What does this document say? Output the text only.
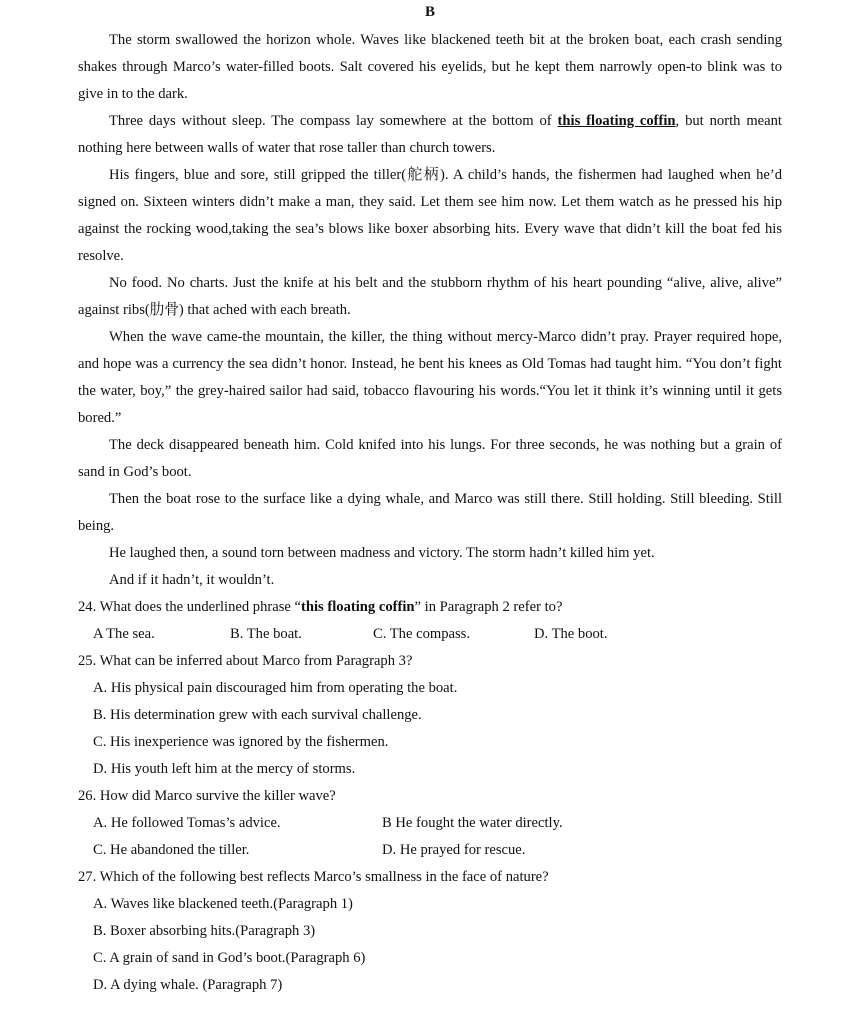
B

The storm swallowed the horizon whole. Waves like blackened teeth bit at the broken boat, each crash sending shakes through Marco’s water-filled boots. Salt covered his eyelids, but he kept them narrowly open-to blink was to give in to the dark.

Three days without sleep. The compass lay somewhere at the bottom of this floating coffin, but north meant nothing here between walls of water that rose taller than church towers.

His fingers, blue and sore, still gripped the tiller(舵柄). A child’s hands, the fishermen had laughed when he’d signed on. Sixteen winters didn’t make a man, they said. Let them see him now. Let them watch as he pressed his hip against the rocking wood,taking the sea’s blows like boxer absorbing hits. Every wave that didn’t kill the boat fed his resolve.

No food. No charts. Just the knife at his belt and the stubborn rhythm of his heart pounding “alive, alive, alive” against ribs(肋骨) that ached with each breath.

When the wave came-the mountain, the killer, the thing without mercy-Marco didn’t pray. Prayer required hope, and hope was a currency the sea didn’t honor. Instead, he bent his knees as Old Tomas had taught him. “You don’t fight the water, boy,” the grey-haired sailor had said, tobacco flavouring his words.“You let it think it’s winning until it gets bored.”

The deck disappeared beneath him. Cold knifed into his lungs. For three seconds, he was nothing but a grain of sand in God’s boot.

Then the boat rose to the surface like a dying whale, and Marco was still there. Still holding. Still bleeding. Still being.

He laughed then, a sound torn between madness and victory. The storm hadn’t killed him yet.

And if it hadn’t, it wouldn’t.

24. What does the underlined phrase “this floating coffin” in Paragraph 2 refer to?
A The sea.	B. The boat.	C. The compass.	D. The boot.
25. What can be inferred about Marco from Paragraph 3?
A. His physical pain discouraged him from operating the boat.
B. His determination grew with each survival challenge.
C. His inexperience was ignored by the fishermen.
D. His youth left him at the mercy of storms.
26. How did Marco survive the killer wave?
A. He followed Tomas’s advice.	B He fought the water directly.
C. He abandoned the tiller.	D. He prayed for rescue.
27. Which of the following best reflects Marco’s smallness in the face of nature?
A. Waves like blackened teeth.(Paragraph 1)
B. Boxer absorbing hits.(Paragraph 3)
C. A grain of sand in God’s boot.(Paragraph 6)
D. A dying whale. (Paragraph 7)
